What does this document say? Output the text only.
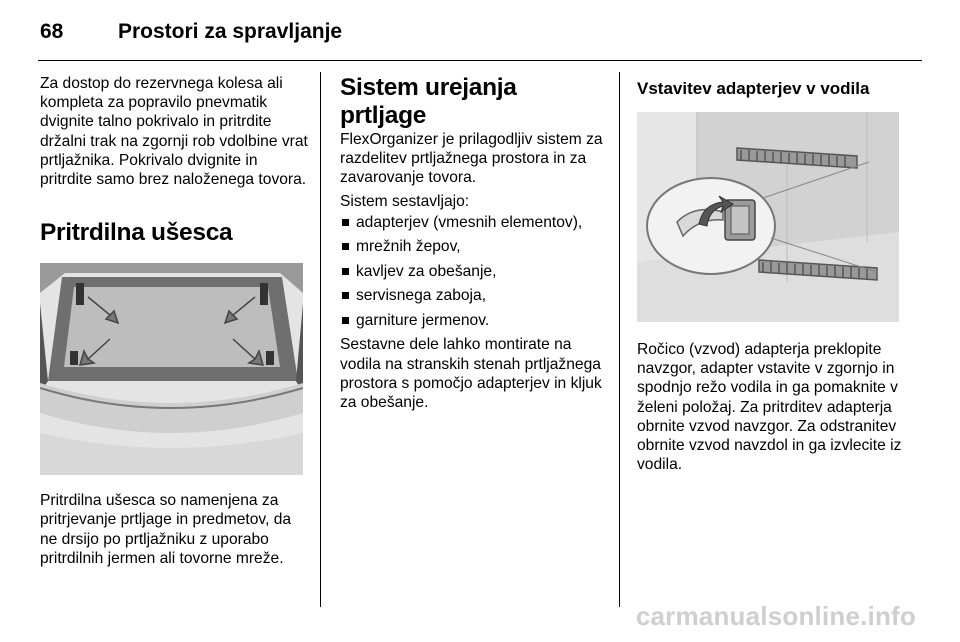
68	Prostori za spravljanje

Za dostop do rezervnega kolesa ali kompleta za popravilo pnevmatik dvignite talno pokrivalo in pritrdite držalni trak na zgornji rob vdolbine vrat prtljažnika. Pokrivalo dvignite in pritrdite samo brez naloženega tovora.

Pritrdilna ušesca

Pritrdilna ušesca so namenjena za pritrjevanje prtljage in predmetov, da ne drsijo po prtljažniku z uporabo pritrdilnih jermen ali tovorne mreže.

Sistem urejanja prtljage

FlexOrganizer je prilagodljiv sistem za razdelitev prtljažnega prostora in za zavarovanje tovora.

Sistem sestavljajo:

adapterjev (vmesnih elementov),
mrežnih žepov,
kavljev za obešanje,
servisnega zaboja,
garniture jermenov.

Sestavne dele lahko montirate na vodila na stranskih stenah prtljažnega prostora s pomočjo adapterjev in kljuk za obešanje.

Vstavitev adapterjev v vodila

Ročico (vzvod) adapterja preklopite navzgor, adapter vstavite v zgornjo in spodnjo režo vodila in ga pomaknite v želeni položaj. Za pritrditev adapterja obrnite vzvod navzgor. Za odstranitev obrnite vzvod navzdol in ga izvlecite iz vodila.

carmanualsonline.info
